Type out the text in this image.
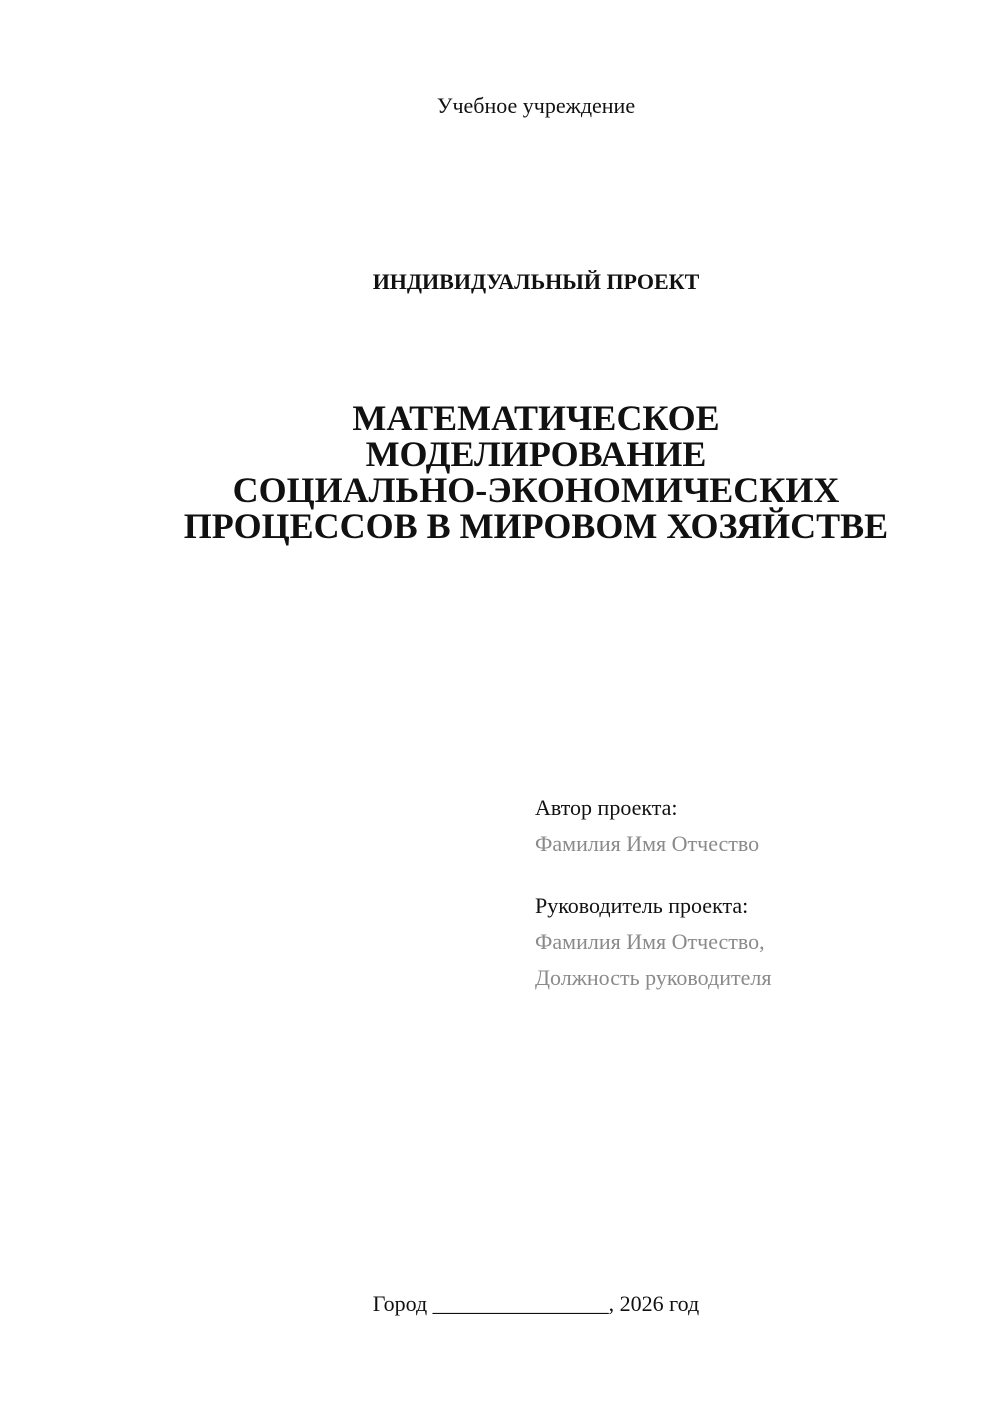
Учебное учреждение
ИНДИВИДУАЛЬНЫЙ ПРОЕКТ
МАТЕМАТИЧЕСКОЕ
МОДЕЛИРОВАНИЕ
СОЦИАЛЬНО-ЭКОНОМИЧЕСКИХ
ПРОЦЕССОВ В МИРОВОМ ХОЗЯЙСТВЕ
Автор проекта:
Фамилия Имя Отчество
Руководитель проекта:
Фамилия Имя Отчество,
Должность руководителя
Город ________________, 2026 год
